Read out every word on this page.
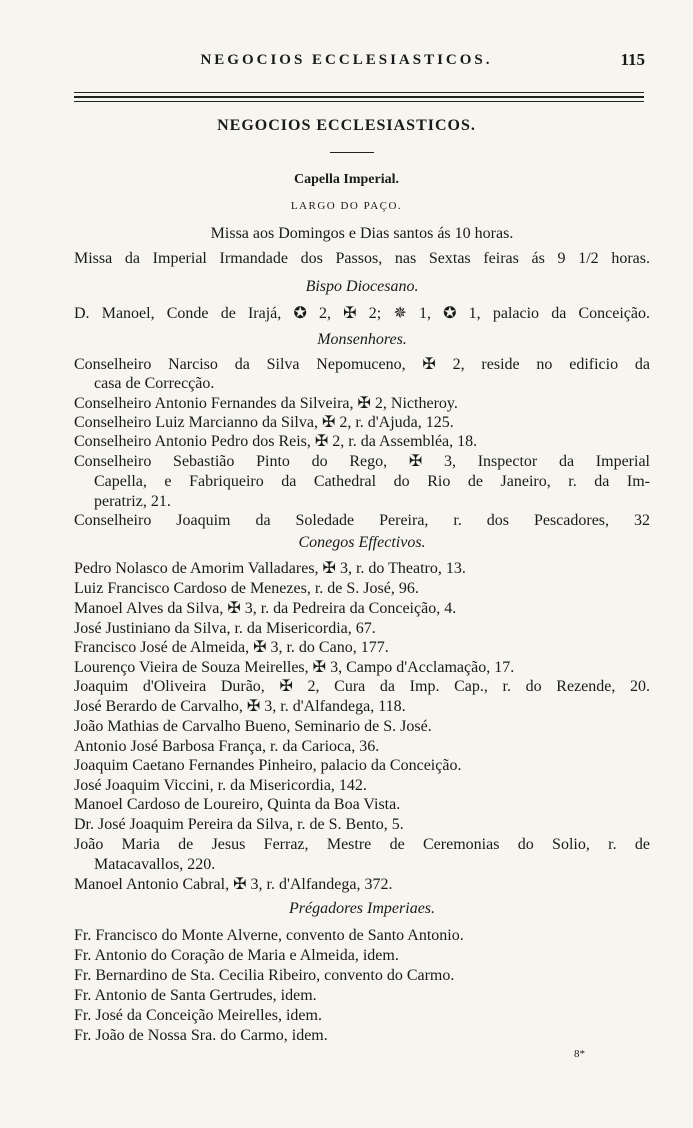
NEGOCIOS ECCLESIASTICOS.	115
NEGOCIOS ECCLESIASTICOS.
Capella Imperial.
LARGO DO PAÇO.
Missa aos Domingos e Dias santos ás 10 horas.
Missa da Imperial Irmandade dos Passos, nas Sextas feiras ás 9 1/2 horas.
Bispo Diocesano.
D. Manoel, Conde de Irajá, ✪ 2, ✠ 2; ✵ 1, ✪ 1, palacio da Conceição.
Monsenhores.
Conselheiro Narciso da Silva Nepomuceno, ✠ 2, reside no edificio da
casa de Correcção.
Conselheiro Antonio Fernandes da Silveira, ✠ 2, Nictheroy.
Conselheiro Luiz Marcianno da Silva, ✠ 2, r. d'Ajuda, 125.
Conselheiro Antonio Pedro dos Reis, ✠ 2, r. da Assembléa, 18.
Conselheiro Sebastião Pinto do Rego, ✠ 3, Inspector da Imperial
Capella, e Fabriqueiro da Cathedral do Rio de Janeiro, r. da Im-
peratriz, 21.
Conselheiro Joaquim da Soledade Pereira, r. dos Pescadores, 32
Conegos Effectivos.
Pedro Nolasco de Amorim Valladares, ✠ 3, r. do Theatro, 13.
Luiz Francisco Cardoso de Menezes, r. de S. José, 96.
Manoel Alves da Silva, ✠ 3, r. da Pedreira da Conceição, 4.
José Justiniano da Silva, r. da Misericordia, 67.
Francisco José de Almeida, ✠ 3, r. do Cano, 177.
Lourenço Vieira de Souza Meirelles, ✠ 3, Campo d'Acclamação, 17.
Joaquim d'Oliveira Durão, ✠ 2, Cura da Imp. Cap., r. do Rezende, 20.
José Berardo de Carvalho, ✠ 3, r. d'Alfandega, 118.
João Mathias de Carvalho Bueno, Seminario de S. José.
Antonio José Barbosa França, r. da Carioca, 36.
Joaquim Caetano Fernandes Pinheiro, palacio da Conceição.
José Joaquim Viccini, r. da Misericordia, 142.
Manoel Cardoso de Loureiro, Quinta da Boa Vista.
Dr. José Joaquim Pereira da Silva, r. de S. Bento, 5.
João Maria de Jesus Ferraz, Mestre de Ceremonias do Solio, r. de
Matacavallos, 220.
Manoel Antonio Cabral, ✠ 3, r. d'Alfandega, 372.
Prégadores Imperiaes.
Fr. Francisco do Monte Alverne, convento de Santo Antonio.
Fr. Antonio do Coração de Maria e Almeida, idem.
Fr. Bernardino de Sta. Cecilia Ribeiro, convento do Carmo.
Fr. Antonio de Santa Gertrudes, idem.
Fr. José da Conceição Meirelles, idem.
Fr. João de Nossa Sra. do Carmo, idem.
8*
